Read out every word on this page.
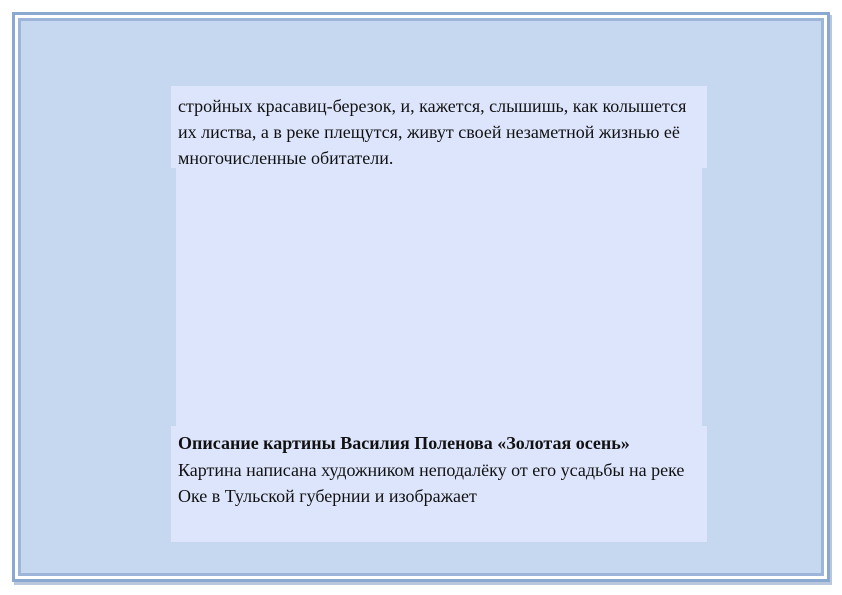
стройных красавиц-березок, и, кажется, слышишь, как колышется их листва, а в реке плещутся, живут своей незаметной жизнью её многочисленные обитатели.

Описание картины Василия Поленова «Золотая осень»

Картина написана художником неподалёку от его усадьбы на реке Оке в Тульской губернии и изображает
